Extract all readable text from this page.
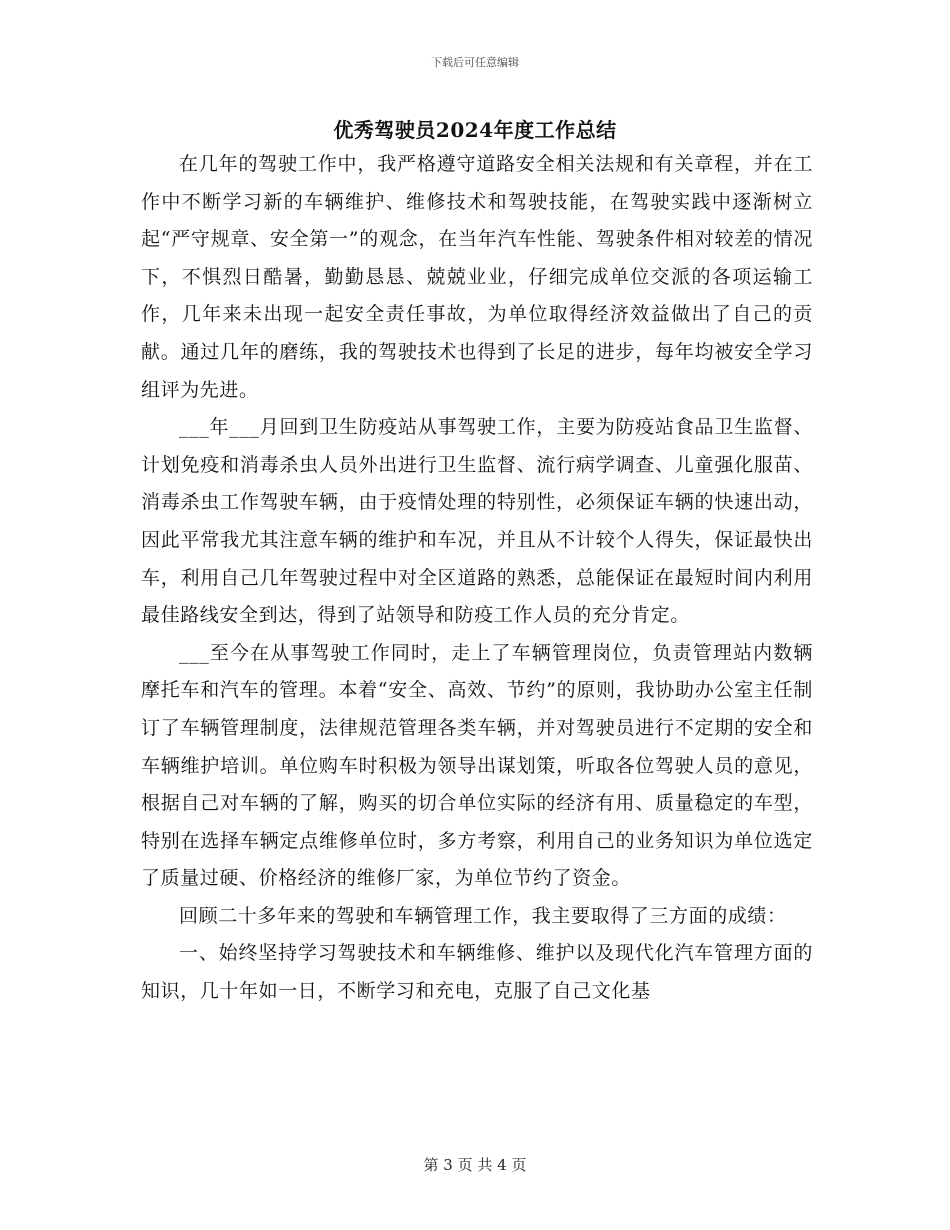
下载后可任意编辑
优秀驾驶员2024年度工作总结

在几年的驾驶工作中，我严格遵守道路安全相关法规和有关章程，并在工作中不断学习新的车辆维护、维修技术和驾驶技能，在驾驶实践中逐渐树立起“严守规章、安全第一”的观念，在当年汽车性能、驾驶条件相对较差的情况下，不惧烈日酷暑，勤勤恳恳、兢兢业业，仔细完成单位交派的各项运输工作，几年来未出现一起安全责任事故，为单位取得经济效益做出了自己的贡献。通过几年的磨练，我的驾驶技术也得到了长足的进步，每年均被安全学习组评为先进。

___年___月回到卫生防疫站从事驾驶工作，主要为防疫站食品卫生监督、计划免疫和消毒杀虫人员外出进行卫生监督、流行病学调查、儿童强化服苗、消毒杀虫工作驾驶车辆，由于疫情处理的特别性，必须保证车辆的快速出动，因此平常我尤其注意车辆的维护和车况，并且从不计较个人得失，保证最快出车，利用自己几年驾驶过程中对全区道路的熟悉，总能保证在最短时间内利用最佳路线安全到达，得到了站领导和防疫工作人员的充分肯定。

___至今在从事驾驶工作同时，走上了车辆管理岗位，负责管理站内数辆摩托车和汽车的管理。本着“安全、高效、节约”的原则，我协助办公室主任制订了车辆管理制度，法律规范管理各类车辆，并对驾驶员进行不定期的安全和车辆维护培训。单位购车时积极为领导出谋划策，听取各位驾驶人员的意见，根据自己对车辆的了解，购买的切合单位实际的经济有用、质量稳定的车型，特别在选择车辆定点维修单位时，多方考察，利用自己的业务知识为单位选定了质量过硬、价格经济的维修厂家，为单位节约了资金。

回顾二十多年来的驾驶和车辆管理工作，我主要取得了三方面的成绩：

一、始终坚持学习驾驶技术和车辆维修、维护以及现代化汽车管理方面的知识，几十年如一日，不断学习和充电，克服了自己文化基

第 3 页 共 4 页
